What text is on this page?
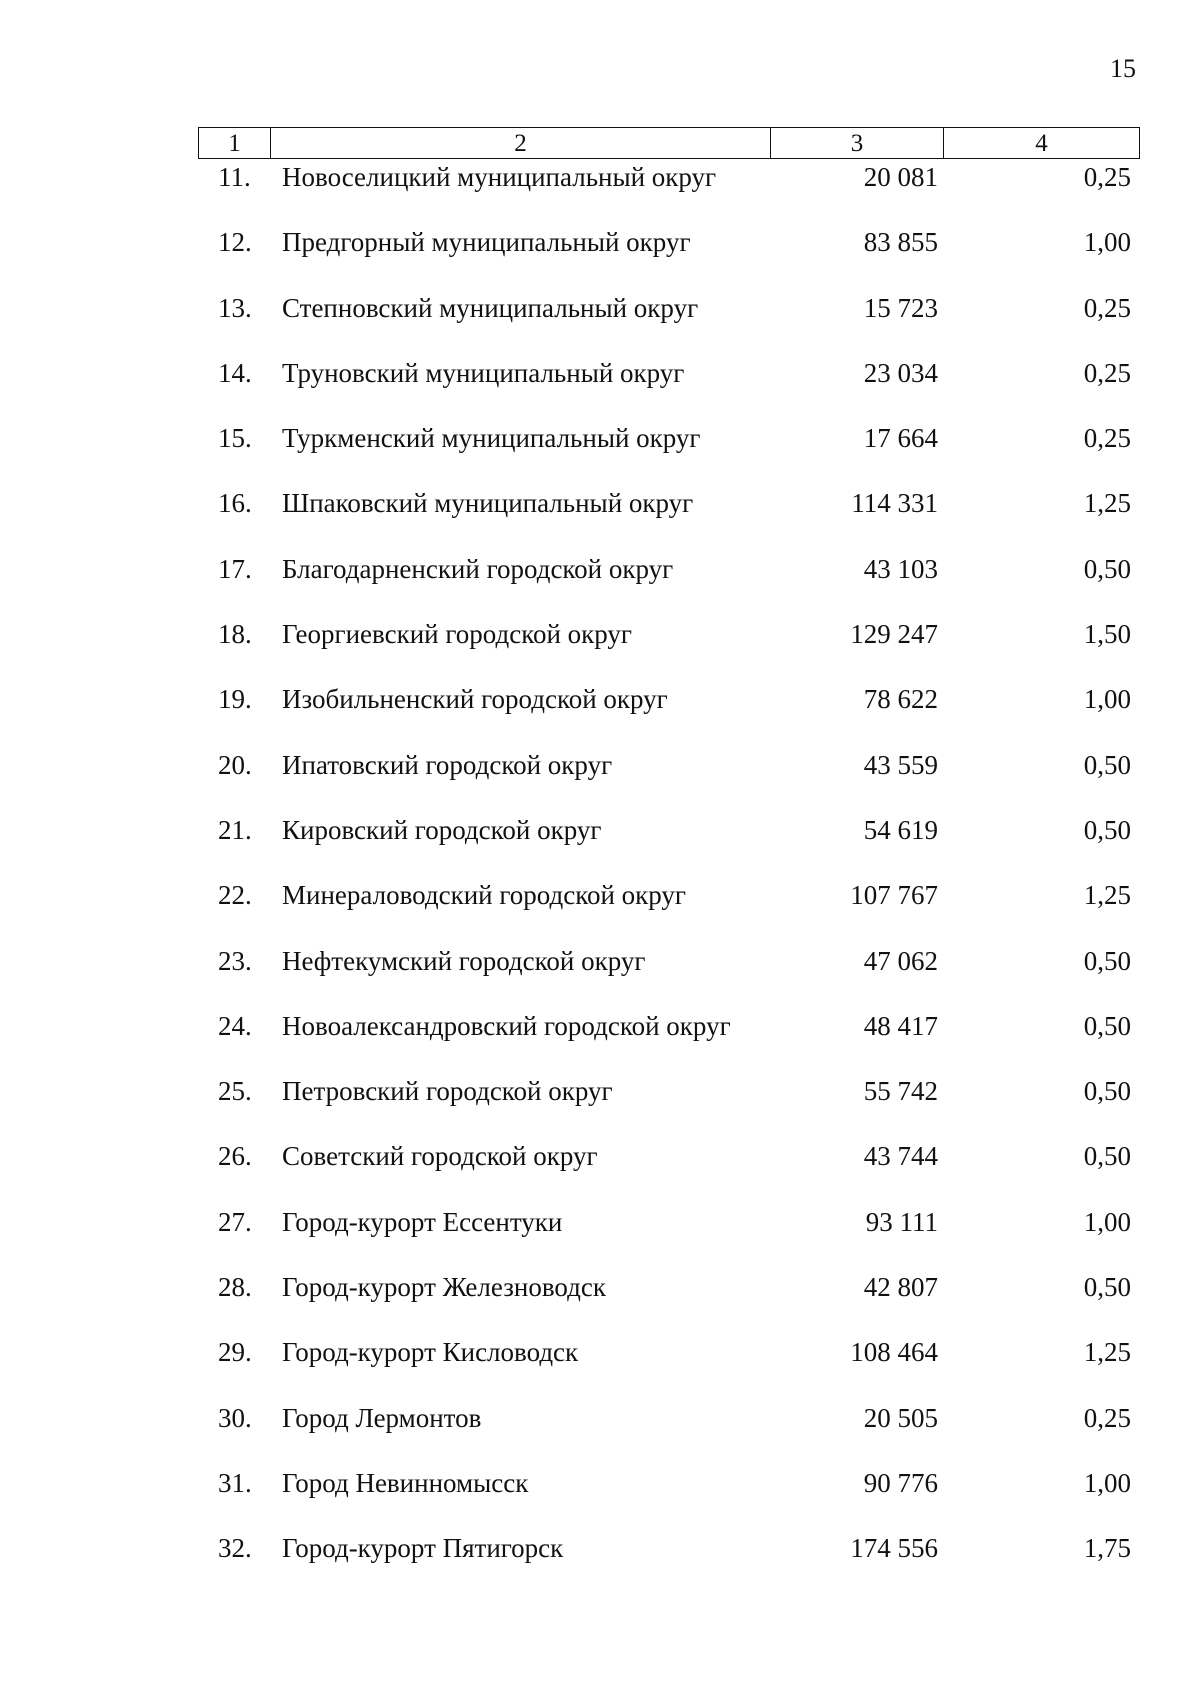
15
1	2	3	4
11.	Новоселицкий муниципальный округ	20 081	0,25
12.	Предгорный муниципальный округ	83 855	1,00
13.	Степновский муниципальный округ	15 723	0,25
14.	Труновский муниципальный округ	23 034	0,25
15.	Туркменский муниципальный округ	17 664	0,25
16.	Шпаковский муниципальный округ	114 331	1,25
17.	Благодарненский городской округ	43 103	0,50
18.	Георгиевский городской округ	129 247	1,50
19.	Изобильненский городской округ	78 622	1,00
20.	Ипатовский городской округ	43 559	0,50
21.	Кировский городской округ	54 619	0,50
22.	Минераловодский городской округ	107 767	1,25
23.	Нефтекумский городской округ	47 062	0,50
24.	Новоалександровский городской округ	48 417	0,50
25.	Петровский городской округ	55 742	0,50
26.	Советский городской округ	43 744	0,50
27.	Город-курорт Ессентуки	93 111	1,00
28.	Город-курорт Железноводск	42 807	0,50
29.	Город-курорт Кисловодск	108 464	1,25
30.	Город Лермонтов	20 505	0,25
31.	Город Невинномысск	90 776	1,00
32.	Город-курорт Пятигорск	174 556	1,75
